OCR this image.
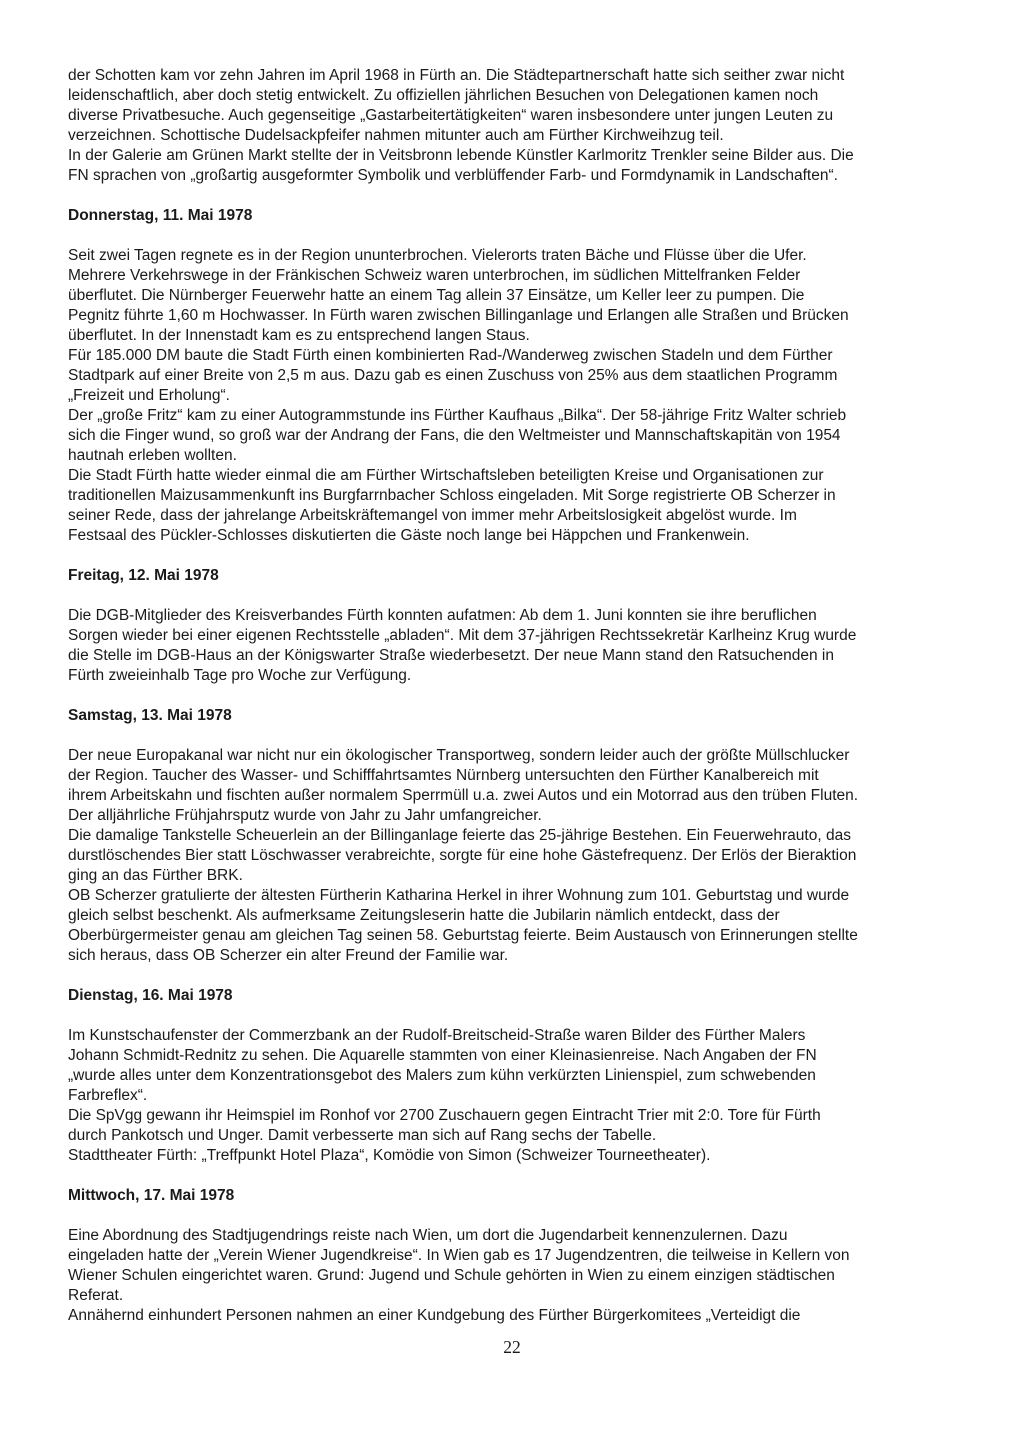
der Schotten kam vor zehn Jahren im April 1968 in Fürth an. Die Städtepartnerschaft hatte sich seither zwar nicht
leidenschaftlich, aber doch stetig entwickelt. Zu offiziellen jährlichen Besuchen von Delegationen kamen noch
diverse Privatbesuche. Auch gegenseitige „Gastarbeitertätigkeiten“ waren insbesondere unter jungen Leuten zu
verzeichnen. Schottische Dudelsackpfeifer nahmen mitunter auch am Fürther Kirchweihzug teil.
In der Galerie am Grünen Markt stellte der in Veitsbronn lebende Künstler Karlmoritz Trenkler seine Bilder aus. Die
FN sprachen von „großartig ausgeformter Symbolik und verblüffender Farb- und Formdynamik in Landschaften“.

Donnerstag, 11. Mai 1978

Seit zwei Tagen regnete es in der Region ununterbrochen. Vielerorts traten Bäche und Flüsse über die Ufer.
Mehrere Verkehrswege in der Fränkischen Schweiz waren unterbrochen, im südlichen Mittelfranken Felder
überflutet. Die Nürnberger Feuerwehr hatte an einem Tag allein 37 Einsätze, um Keller leer zu pumpen. Die
Pegnitz führte 1,60 m Hochwasser. In Fürth waren zwischen Billinganlage und Erlangen alle Straßen und Brücken
überflutet. In der Innenstadt kam es zu entsprechend langen Staus.

Für 185.000 DM baute die Stadt Fürth einen kombinierten Rad-/Wanderweg zwischen Stadeln und dem Fürther
Stadtpark auf einer Breite von 2,5 m aus. Dazu gab es einen Zuschuss von 25% aus dem staatlichen Programm
„Freizeit und Erholung“.

Der „große Fritz“ kam zu einer Autogrammstunde ins Fürther Kaufhaus „Bilka“. Der 58-jährige Fritz Walter schrieb
sich die Finger wund, so groß war der Andrang der Fans, die den Weltmeister und Mannschaftskapitän von 1954
hautnah erleben wollten.

Die Stadt Fürth hatte wieder einmal die am Fürther Wirtschaftsleben beteiligten Kreise und Organisationen zur
traditionellen Maizusammenkunft ins Burgfarrnbacher Schloss eingeladen. Mit Sorge registrierte OB Scherzer in
seiner Rede, dass der jahrelange Arbeitskräftemangel von immer mehr Arbeitslosigkeit abgelöst wurde. Im
Festsaal des Pückler-Schlosses diskutierten die Gäste noch lange bei Häppchen und Frankenwein.

Freitag, 12. Mai 1978

Die DGB-Mitglieder des Kreisverbandes Fürth konnten aufatmen: Ab dem 1. Juni konnten sie ihre beruflichen
Sorgen wieder bei einer eigenen Rechtsstelle „abladen“. Mit dem 37-jährigen Rechtssekretär Karlheinz Krug wurde
die Stelle im DGB-Haus an der Königswarter Straße wiederbesetzt. Der neue Mann stand den Ratsuchenden in
Fürth zweieinhalb Tage pro Woche zur Verfügung.

Samstag, 13. Mai 1978

Der neue Europakanal war nicht nur ein ökologischer Transportweg, sondern leider auch der größte Müllschlucker
der Region. Taucher des Wasser- und Schifffahrtsamtes Nürnberg untersuchten den Fürther Kanalbereich mit
ihrem Arbeitskahn und fischten außer normalem Sperrmüll u.a. zwei Autos und ein Motorrad aus den trüben Fluten.
Der alljährliche Frühjahrsputz wurde von Jahr zu Jahr umfangreicher.

Die damalige Tankstelle Scheuerlein an der Billinganlage feierte das 25-jährige Bestehen. Ein Feuerwehrauto, das
durstlöschendes Bier statt Löschwasser verabreichte, sorgte für eine hohe Gästefrequenz. Der Erlös der Bieraktion
ging an das Fürther BRK.

OB Scherzer gratulierte der ältesten Fürtherin Katharina Herkel in ihrer Wohnung zum 101. Geburtstag und wurde
gleich selbst beschenkt. Als aufmerksame Zeitungsleserin hatte die Jubilarin nämlich entdeckt, dass der
Oberbürgermeister genau am gleichen Tag seinen 58. Geburtstag feierte. Beim Austausch von Erinnerungen stellte
sich heraus, dass OB Scherzer ein alter Freund der Familie war.

Dienstag, 16. Mai 1978

Im Kunstschaufenster der Commerzbank an der Rudolf-Breitscheid-Straße waren Bilder des Fürther Malers
Johann Schmidt-Rednitz zu sehen. Die Aquarelle stammten von einer Kleinasienreise. Nach Angaben der FN
„wurde alles unter dem Konzentrationsgebot des Malers zum kühn verkürzten Linienspiel, zum schwebenden
Farbreflex“.

Die SpVgg gewann ihr Heimspiel im Ronhof vor 2700 Zuschauern gegen Eintracht Trier mit 2:0. Tore für Fürth
durch Pankotsch und Unger. Damit verbesserte man sich auf Rang sechs der Tabelle.

Stadttheater Fürth: „Treffpunkt Hotel Plaza“, Komödie von Simon (Schweizer Tourneetheater).

Mittwoch, 17. Mai 1978

Eine Abordnung des Stadtjugendrings reiste nach Wien, um dort die Jugendarbeit kennenzulernen. Dazu
eingeladen hatte der „Verein Wiener Jugendkreise“. In Wien gab es 17 Jugendzentren, die teilweise in Kellern von
Wiener Schulen eingerichtet waren. Grund: Jugend und Schule gehörten in Wien zu einem einzigen städtischen
Referat.

Annähernd einhundert Personen nahmen an einer Kundgebung des Fürther Bürgerkomitees „Verteidigt die

22
